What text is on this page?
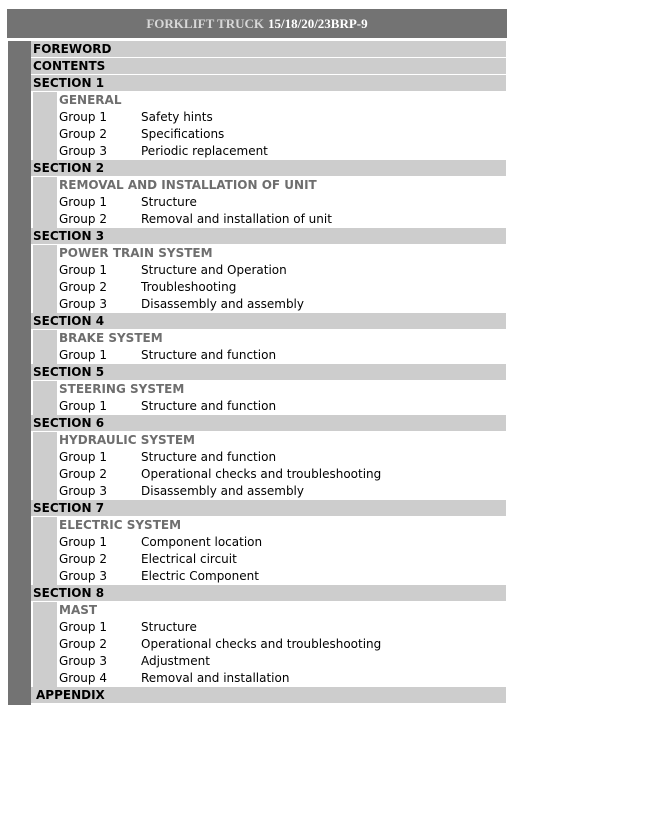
FORKLIFT TRUCK 15/18/20/23BRP-9
FOREWORD
CONTENTS
SECTION 1
GENERAL
Group 1	Safety hints
Group 2	Specifications
Group 3	Periodic replacement
SECTION 2
REMOVAL AND INSTALLATION OF UNIT
Group 1	Structure
Group 2	Removal and installation of unit
SECTION 3
POWER TRAIN SYSTEM
Group 1	Structure and Operation
Group 2	Troubleshooting
Group 3	Disassembly and assembly
SECTION 4
BRAKE SYSTEM
Group 1	Structure and function
SECTION 5
STEERING SYSTEM
Group 1	Structure and function
SECTION 6
HYDRAULIC SYSTEM
Group 1	Structure and function
Group 2	Operational checks and troubleshooting
Group 3	Disassembly and assembly
SECTION 7
ELECTRIC SYSTEM
Group 1	Component location
Group 2	Electrical circuit
Group 3	Electric Component
SECTION 8
MAST
Group 1	Structure
Group 2	Operational checks and troubleshooting
Group 3	Adjustment
Group 4	Removal and installation
APPENDIX
